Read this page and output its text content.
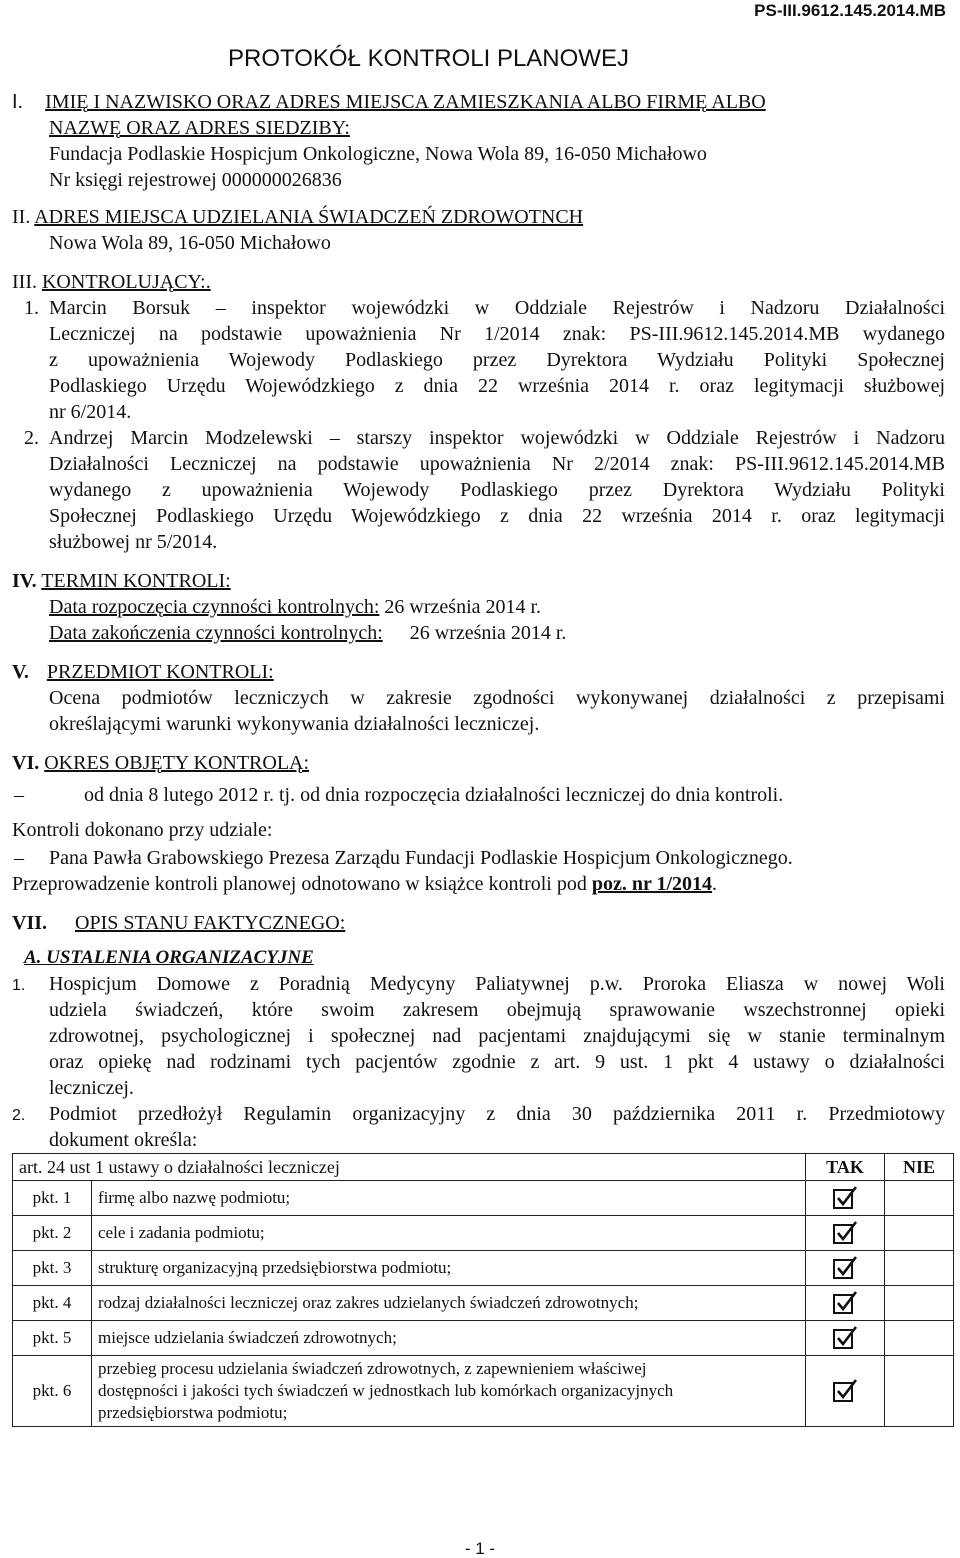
PS-III.9612.145.2014.MB
PROTOKÓŁ KONTROLI PLANOWEJ
I. IMIĘ I NAZWISKO ORAZ ADRES MIEJSCA ZAMIESZKANIA ALBO FIRMĘ ALBO
NAZWĘ ORAZ ADRES SIEDZIBY:
Fundacja Podlaskie Hospicjum Onkologiczne, Nowa Wola 89, 16-050 Michałowo
Nr księgi rejestrowej 000000026836
II. ADRES MIEJSCA UDZIELANIA ŚWIADCZEŃ ZDROWOTNCH
Nowa Wola 89, 16-050 Michałowo
III. KONTROLUJĄCY:.
1. Marcin Borsuk – inspektor wojewódzki w Oddziale Rejestrów i Nadzoru Działalności
Leczniczej na podstawie upoważnienia Nr 1/2014 znak: PS-III.9612.145.2014.MB wydanego
z upoważnienia Wojewody Podlaskiego przez Dyrektora Wydziału Polityki Społecznej
Podlaskiego Urzędu Wojewódzkiego z dnia 22 września 2014 r. oraz legitymacji służbowej
nr 6/2014.
2. Andrzej Marcin Modzelewski – starszy inspektor wojewódzki w Oddziale Rejestrów i Nadzoru
Działalności Leczniczej na podstawie upoważnienia Nr 2/2014 znak: PS-III.9612.145.2014.MB
wydanego z upoważnienia Wojewody Podlaskiego przez Dyrektora Wydziału Polityki
Społecznej Podlaskiego Urzędu Wojewódzkiego z dnia 22 września 2014 r. oraz legitymacji
służbowej nr 5/2014.
IV. TERMIN KONTROLI:
Data rozpoczęcia czynności kontrolnych: 26 września 2014 r.
Data zakończenia czynności kontrolnych: 26 września 2014 r.
V. PRZEDMIOT KONTROLI:
Ocena podmiotów leczniczych w zakresie zgodności wykonywanej działalności z przepisami
określającymi warunki wykonywania działalności leczniczej.
VI. OKRES OBJĘTY KONTROLĄ:
–	od dnia 8 lutego 2012 r. tj. od dnia rozpoczęcia działalności leczniczej do dnia kontroli.
Kontroli dokonano przy udziale:
–	Pana Pawła Grabowskiego Prezesa Zarządu Fundacji Podlaskie Hospicjum Onkologicznego.
Przeprowadzenie kontroli planowej odnotowano w książce kontroli pod poz. nr 1/2014.
VII. OPIS STANU FAKTYCZNEGO:
A. USTALENIA ORGANIZACYJNE
1.	Hospicjum Domowe z Poradnią Medycyny Paliatywnej p.w. Proroka Eliasza w nowej Woli
udziela świadczeń, które swoim zakresem obejmują sprawowanie wszechstronnej opieki
zdrowotnej, psychologicznej i społecznej nad pacjentami znajdującymi się w stanie terminalnym
oraz opiekę nad rodzinami tych pacjentów zgodnie z art. 9 ust. 1 pkt 4 ustawy o działalności
leczniczej.
2.	Podmiot przedłożył Regulamin organizacyjny z dnia 30 października 2011 r. Przedmiotowy
dokument określa:
art. 24 ust 1 ustawy o działalności leczniczej		TAK	NIE
pkt. 1	firmę albo nazwę podmiotu;		
pkt. 2	cele i zadania podmiotu;		
pkt. 3	strukturę organizacyjną przedsiębiorstwa podmiotu;		
pkt. 4	rodzaj działalności leczniczej oraz zakres udzielanych świadczeń zdrowotnych;		
pkt. 5	miejsce udzielania świadczeń zdrowotnych;		
pkt. 6	przebieg procesu udzielania świadczeń zdrowotnych, z zapewnieniem właściwej
dostępności i jakości tych świadczeń w jednostkach lub komórkach organizacyjnych
przedsiębiorstwa podmiotu;

- 1 -
